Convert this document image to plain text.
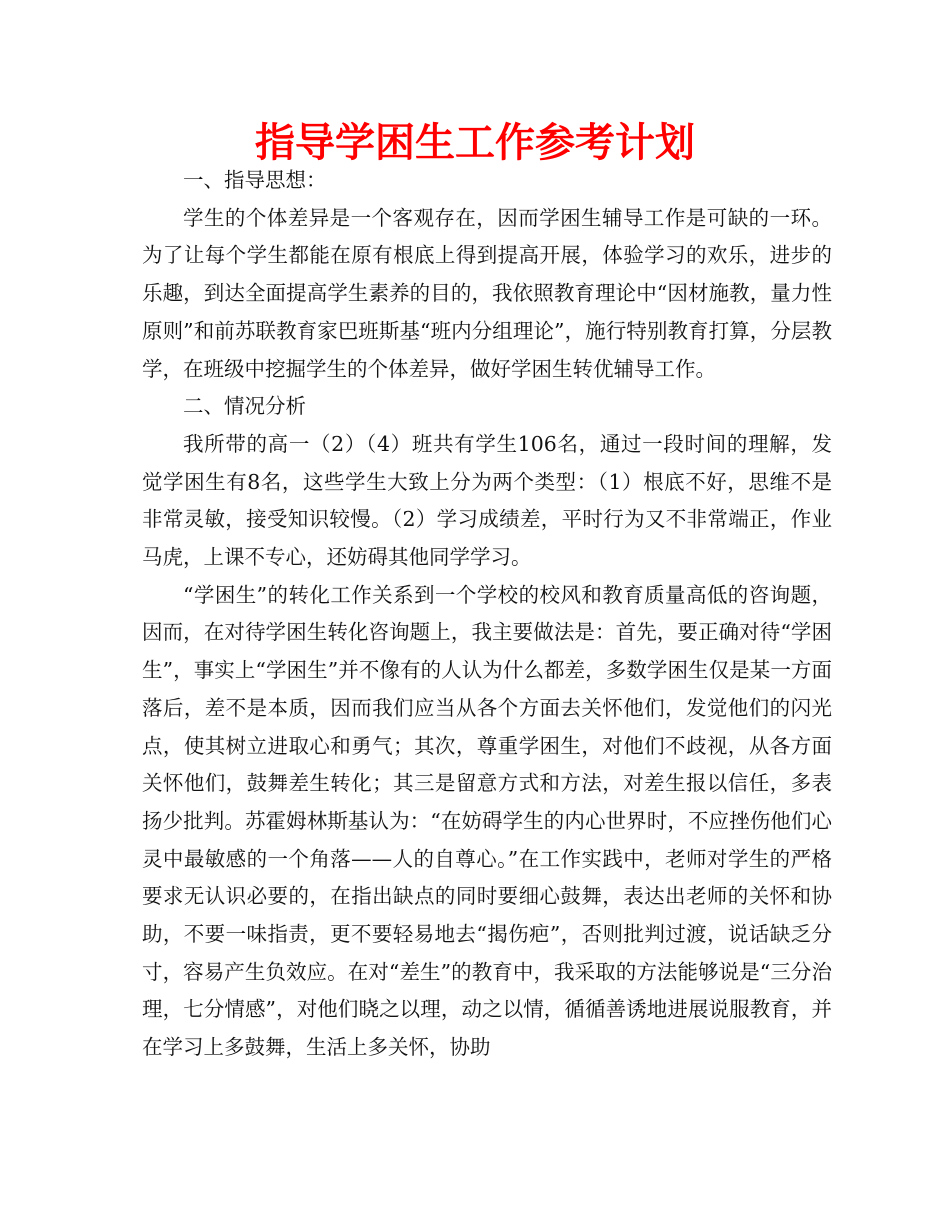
指导学困生工作参考计划

一、指导思想：

学生的个体差异是一个客观存在，因而学困生辅导工作是可缺的一环。为了让每个学生都能在原有根底上得到提高开展，体验学习的欢乐，进步的乐趣，到达全面提高学生素养的目的，我依照教育理论中“因材施教，量力性原则”和前苏联教育家巴班斯基“班内分组理论”，施行特别教育打算，分层教学，在班级中挖掘学生的个体差异，做好学困生转优辅导工作。

二、情况分析

我所带的高一（2）（4）班共有学生106名，通过一段时间的理解，发觉学困生有8名，这些学生大致上分为两个类型：（1）根底不好，思维不是非常灵敏，接受知识较慢。（2）学习成绩差，平时行为又不非常端正，作业马虎，上课不专心，还妨碍其他同学学习。

“学困生”的转化工作关系到一个学校的校风和教育质量高低的咨询题，因而，在对待学困生转化咨询题上，我主要做法是：首先，要正确对待“学困生”，事实上“学困生”并不像有的人认为什么都差，多数学困生仅是某一方面落后，差不是本质，因而我们应当从各个方面去关怀他们，发觉他们的闪光点，使其树立进取心和勇气；其次，尊重学困生，对他们不歧视，从各方面关怀他们，鼓舞差生转化；其三是留意方式和方法，对差生报以信任，多表扬少批判。苏霍姆林斯基认为：“在妨碍学生的内心世界时，不应挫伤他们心灵中最敏感的一个角落——人的自尊心。”在工作实践中，老师对学生的严格要求无认识必要的，在指出缺点的同时要细心鼓舞，表达出老师的关怀和协助，不要一味指责，更不要轻易地去“揭伤疤”，否则批判过渡，说话缺乏分寸，容易产生负效应。在对“差生”的教育中，我采取的方法能够说是“三分治理，七分情感”，对他们晓之以理，动之以情，循循善诱地进展说服教育，并在学习上多鼓舞，生活上多关怀，协助
